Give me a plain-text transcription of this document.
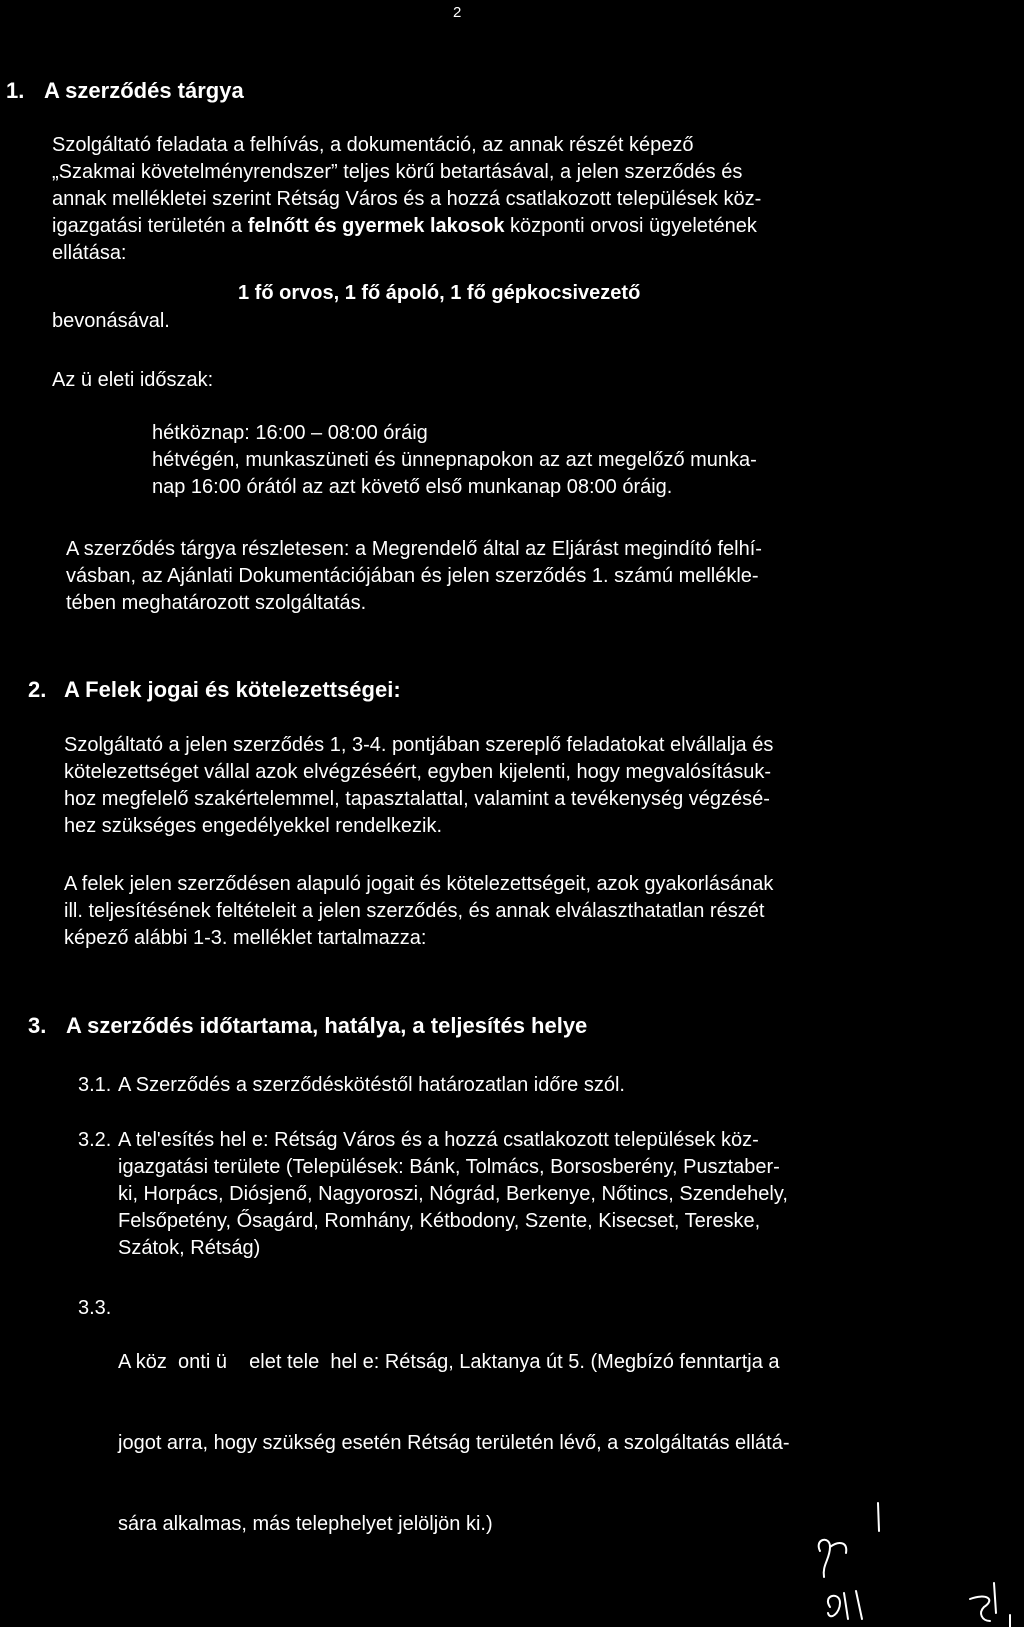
2
1. A szerződés tárgya
Szolgáltató feladata a felhívás, a dokumentáció, az annak részét képező
„Szakmai követelményrendszer” teljes körű betartásával, a jelen szerződés és
annak mellékletei szerint Rétság Város és a hozzá csatlakozott települések köz-
igazgatási területén a felnőtt és gyermek lakosok központi orvosi ügyeletének
ellátása:
1 fő orvos, 1 fő ápoló, 1 fő gépkocsivezető
bevonásával.
Az ü eleti időszak:
hétköznap: 16:00 – 08:00 óráig
hétvégén, munkaszüneti és ünnepnapokon az azt megelőző munka-
nap 16:00 órától az azt követő első munkanap 08:00 óráig.
A szerződés tárgya részletesen: a Megrendelő által az Eljárást megindító felhí-
vásban, az Ajánlati Dokumentációjában és jelen szerződés 1. számú mellékle-
tében meghatározott szolgáltatás.
2. A Felek jogai és kötelezettségei:
Szolgáltató a jelen szerződés 1, 3-4. pontjában szereplő feladatokat elvállalja és
kötelezettséget vállal azok elvégzéséért, egyben kijelenti, hogy megvalósításuk-
hoz megfelelő szakértelemmel, tapasztalattal, valamint a tevékenység végzésé-
hez szükséges engedélyekkel rendelkezik.
A felek jelen szerződésen alapuló jogait és kötelezettségeit, azok gyakorlásának
ill. teljesítésének feltételeit a jelen szerződés, és annak elválaszthatatlan részét
képező alábbi 1-3. melléklet tartalmazza:
3. A szerződés időtartama, hatálya, a teljesítés helye
3.1. A Szerződés a szerződéskötéstől határozatlan időre szól.
3.2. A tel'esítés hel e: Rétság Város és a hozzá csatlakozott települések köz-
igazgatási területe (Települések: Bánk, Tolmács, Borsosberény, Pusztaber-
ki, Horpács, Diósjenő, Nagyoroszi, Nógrád, Berkenye, Nőtincs, Szendehely,
Felsőpetény, Ősagárd, Romhány, Kétbodony, Szente, Kisecset, Tereske,
Szátok, Rétság)
3.3.

A köz  onti ü    elet tele  hel e: Rétság, Laktanya út 5. (Megbízó fenntartja a

jogot arra, hogy szükség esetén Rétság területén lévő, a szolgáltatás ellátá-

sára alkalmas, más telephelyet jelöljön ki.)
